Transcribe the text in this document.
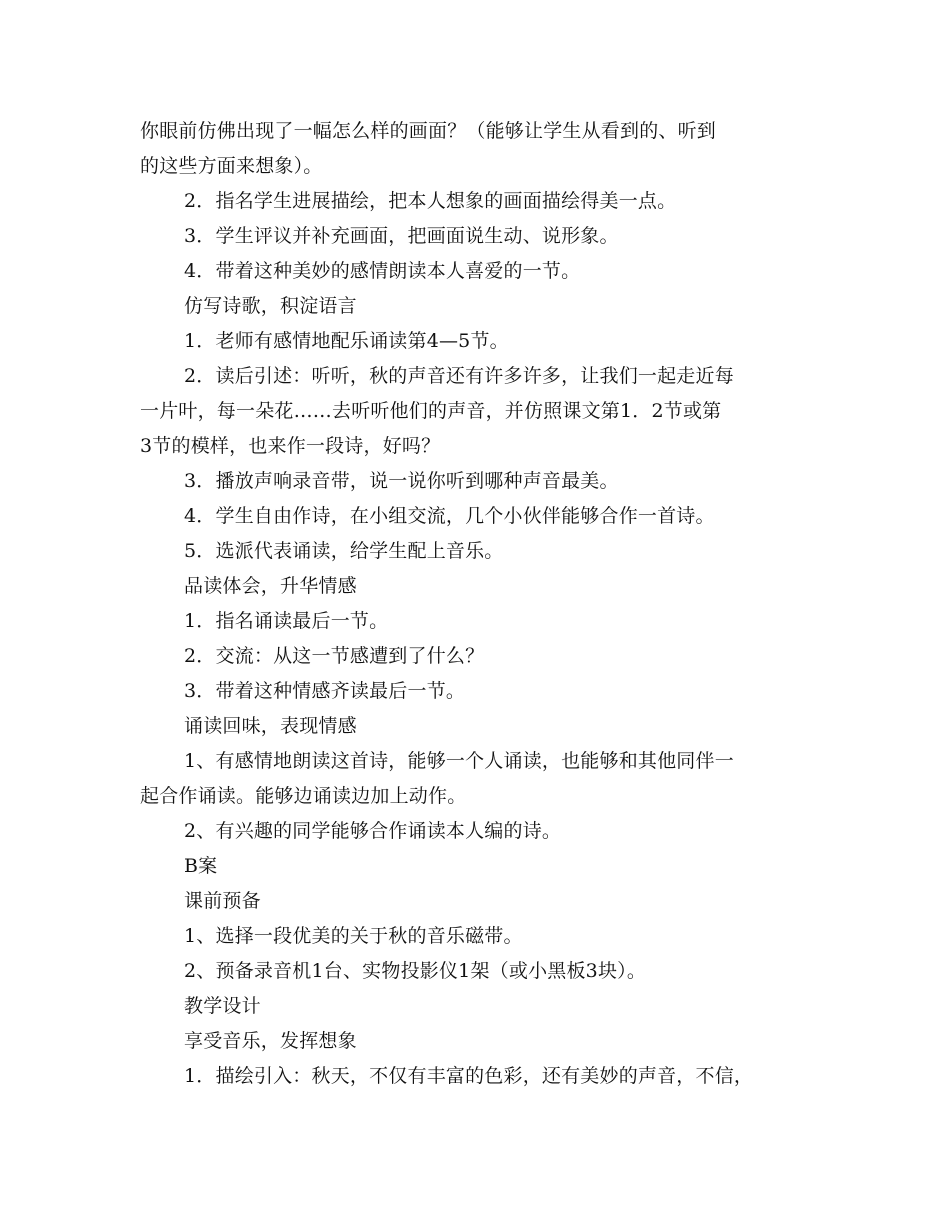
你眼前仿佛出现了一幅怎么样的画面？（能够让学生从看到的、听到
的这些方面来想象）。
2．指名学生进展描绘，把本人想象的画面描绘得美一点。
3．学生评议并补充画面，把画面说生动、说形象。
4．带着这种美妙的感情朗读本人喜爱的一节。
仿写诗歌，积淀语言
1．老师有感情地配乐诵读第4—5节。
2．读后引述：听听，秋的声音还有许多许多，让我们一起走近每
一片叶，每一朵花……去听听他们的声音，并仿照课文第1．2节或第
3节的模样，也来作一段诗，好吗？
3．播放声响录音带，说一说你听到哪种声音最美。
4．学生自由作诗，在小组交流，几个小伙伴能够合作一首诗。
5．选派代表诵读，给学生配上音乐。
品读体会，升华情感
1．指名诵读最后一节。
2．交流：从这一节感遭到了什么？
3．带着这种情感齐读最后一节。
诵读回味，表现情感
1、有感情地朗读这首诗，能够一个人诵读，也能够和其他同伴一
起合作诵读。能够边诵读边加上动作。
2、有兴趣的同学能够合作诵读本人编的诗。
B案
课前预备
1、选择一段优美的关于秋的音乐磁带。
2、预备录音机1台、实物投影仪1架（或小黑板3块）。
教学设计
享受音乐，发挥想象
1．描绘引入：秋天，不仅有丰富的色彩，还有美妙的声音，不信，
